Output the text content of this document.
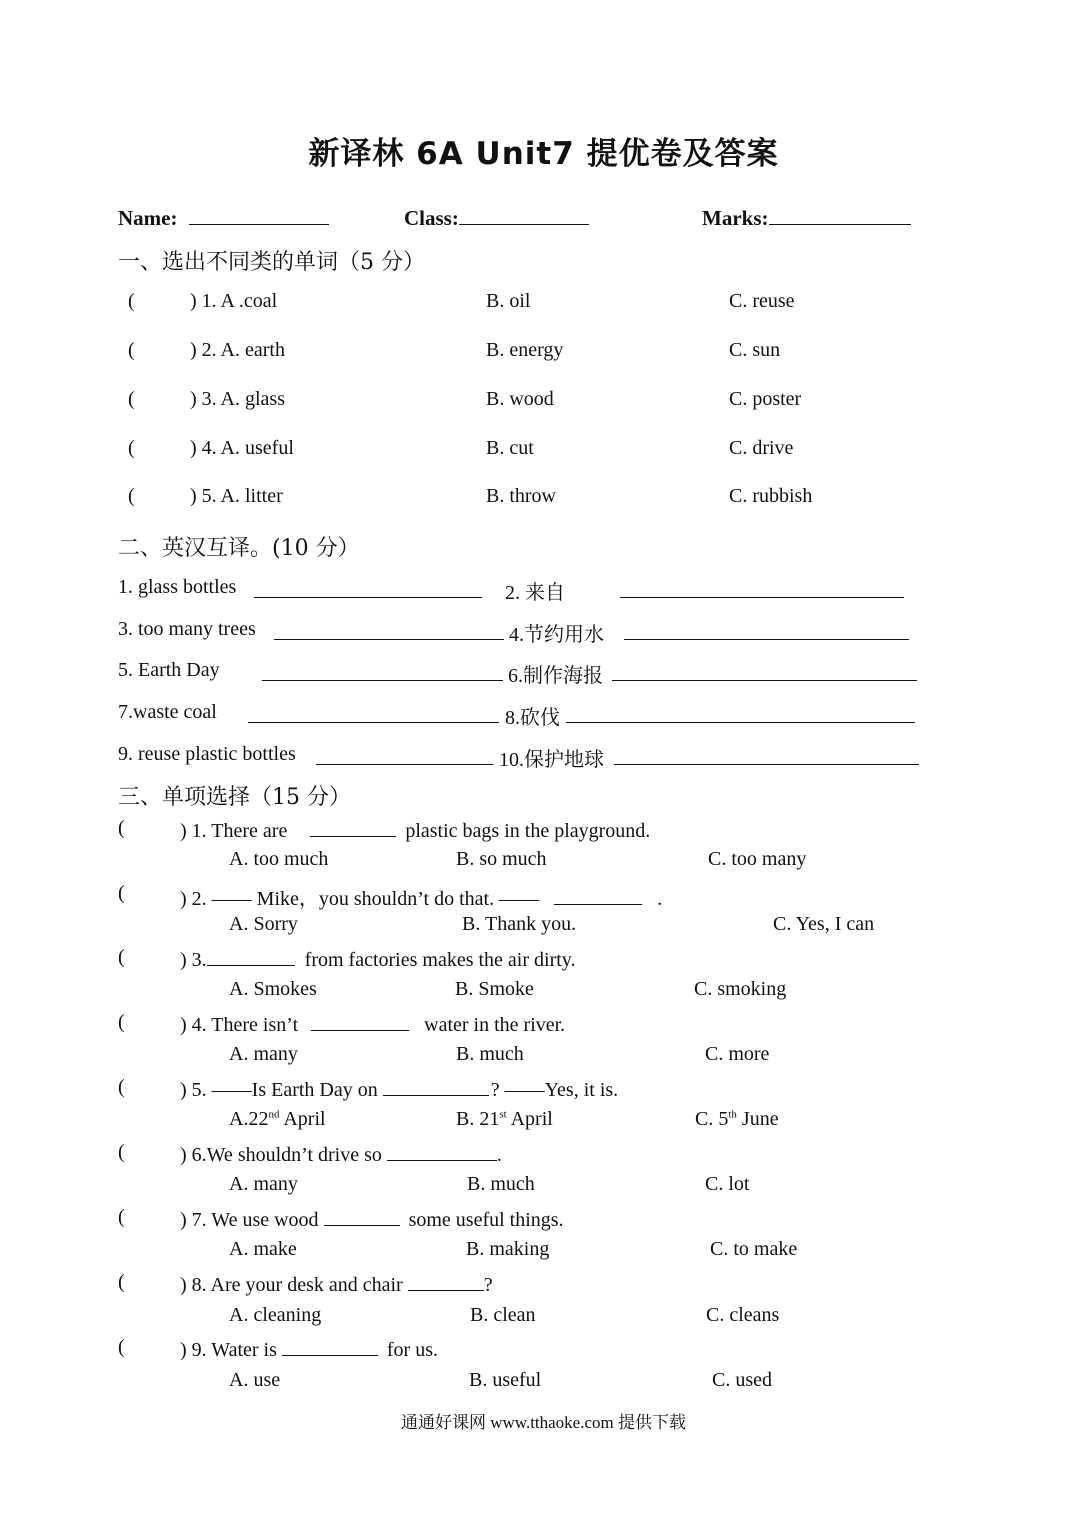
新译林 6A Unit7 提优卷及答案
Name:	Class:	Marks:
一、选出不同类的单词（5 分）
(	) 1. A .coal	B. oil	C. reuse
(	) 2. A. earth	B. energy	C. sun
(	) 3. A. glass	B. wood	C. poster
(	) 4. A. useful	B. cut	C. drive
(	) 5. A. litter	B. throw	C. rubbish
二、英汉互译。(10 分）
1. glass bottles	2. 来自
3. too many trees	4.节约用水
5. Earth Day	6.制作海报
7.waste coal	8.砍伐
9. reuse plastic bottles	10.保护地球
三、单项选择（15 分）
(	) 1. There are	plastic bags in the playground.
A. too much	B. so much	C. too many
(	) 2. —— Mike，you shouldn’t do that. ——	.
A. Sorry	B. Thank you.	C. Yes, I can
(	) 3.	from factories makes the air dirty.
A. Smokes	B. Smoke	C. smoking
(	) 4. There isn’t	water in the river.
A. many	B. much	C. more
(	) 5. ——Is Earth Day on	? ——Yes, it is.
A.22nd April	B. 21st April	C. 5th June
(	) 6.We shouldn’t drive so	.
A. many	B. much	C. lot
(	) 7. We use wood	some useful things.
A. make	B. making	C. to make
(	) 8. Are your desk and chair	?
A. cleaning	B. clean	C. cleans
(	) 9. Water is	for us.
A. use	B. useful	C. used
通通好课网 www.tthaoke.com 提供下载
